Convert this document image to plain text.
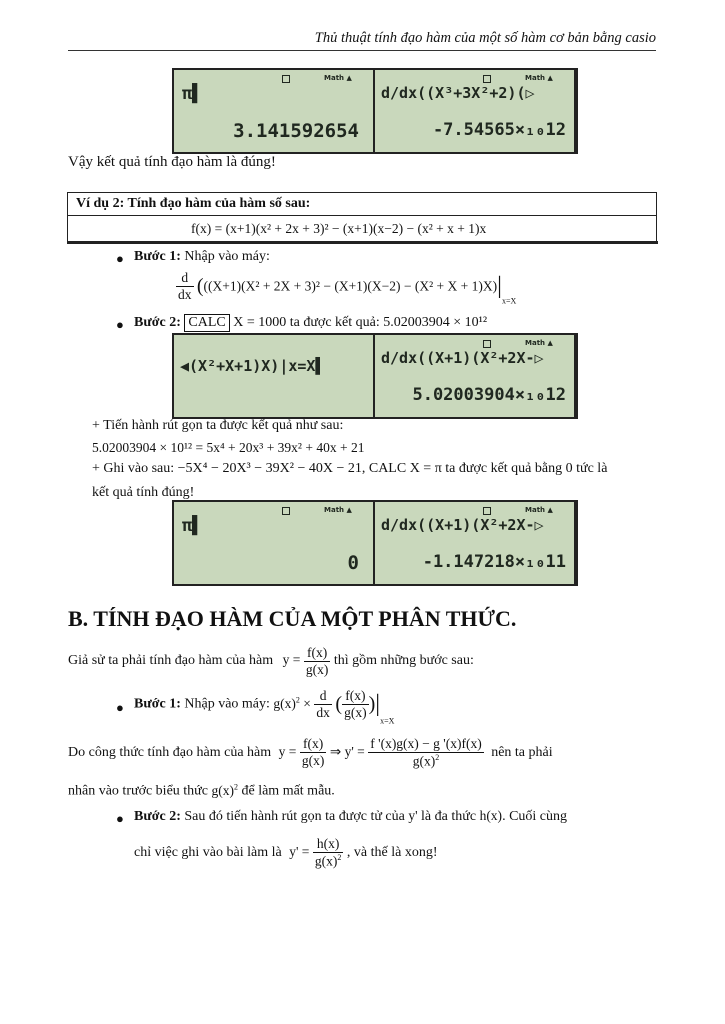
Thủ thuật tính đạo hàm của một số hàm cơ bản bằng casio
Math ▲
π▌
3.141592654
Math ▲
d/dx((X³+3X²+2)(▷
-7.54565×₁₀12
Vậy kết quả tính đạo hàm là đúng!
Ví dụ 2: Tính đạo hàm của hàm số sau:
f(x) = (x+1)(x² + 2x + 3)² − (x+1)(x−2) − (x² + x + 1)x
● Bước 1: Nhập vào máy:
$\frac{d}{dx} (((X+1)(X^2 + 2X + 3)^2 - (X+1)(X-2) - (X^2 + X + 1)X)|_{x=X}$
● Bước 2: CALC X = 1000 ta được kết quả: 5.02003904 × 10¹²
◀(X²+X+1)X)|x=X▌
Math ▲
d/dx((X+1)(X²+2X-▷
5.02003904×₁₀12
+ Tiến hành rút gọn ta được kết quả như sau:
5.02003904 × 10¹² = 5x⁴ + 20x³ + 39x² + 40x + 21
+ Ghi vào sau: −5X⁴ − 20X³ − 39X² − 40X − 21, CALC X = π ta được kết quả bằng 0 tức là
kết quả tính đúng!
Math ▲
π▌
0
Math ▲
d/dx((X+1)(X²+2X-▷
-1.147218×₁₀11
B. TÍNH ĐẠO HÀM CỦA MỘT PHÂN THỨC.
Giả sử ta phải tính đạo hàm của hàm $y = \frac{f(x)}{g(x)}$ thì gồm những bước sau:
● Bước 1: Nhập vào máy: $g(x)^2 \times \frac{d}{dx}$ ( $\frac{f(x)}{g(x)} )|_{x=X}$
Do công thức tính đạo hàm của hàm $y = \frac{f(x)}{g(x)}$ ⇒ $y' = \frac{f '(x)g(x) - g '(x)f(x)}{g(x)^2}$ nên ta phải
nhân vào trước biểu thức $g(x)^2$ để làm mất mẫu.
● Bước 2: Sau đó tiến hành rút gọn ta được tử của y' là đa thức h(x). Cuối cùng
chỉ việc ghi vào bài làm là $y' = \frac{h(x)}{g(x)^2}$ , và thế là xong!
